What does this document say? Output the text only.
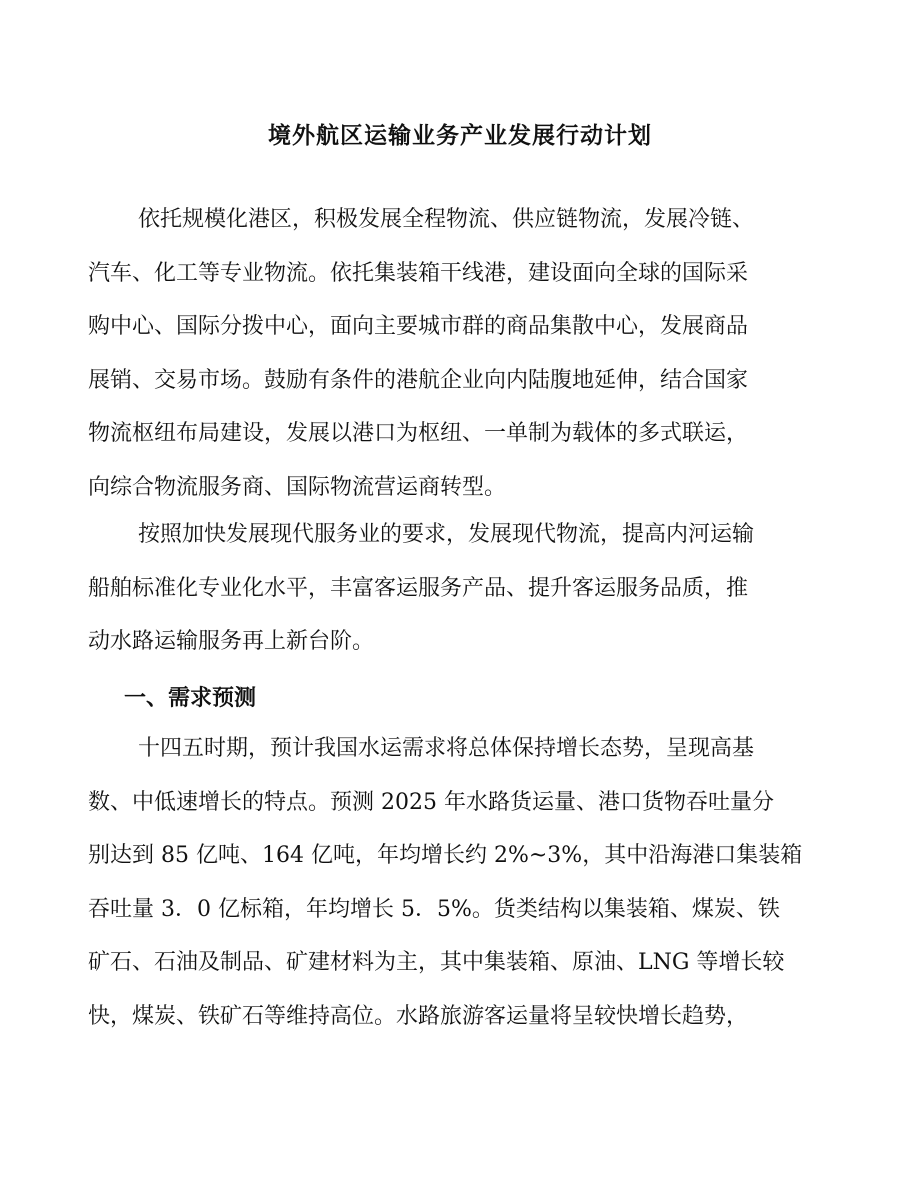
境外航区运输业务产业发展行动计划
依托规模化港区，积极发展全程物流、供应链物流，发展冷链、
汽车、化工等专业物流。依托集装箱干线港，建设面向全球的国际采
购中心、国际分拨中心，面向主要城市群的商品集散中心，发展商品
展销、交易市场。鼓励有条件的港航企业向内陆腹地延伸，结合国家
物流枢纽布局建设，发展以港口为枢纽、一单制为载体的多式联运，
向综合物流服务商、国际物流营运商转型。
按照加快发展现代服务业的要求，发展现代物流，提高内河运输
船舶标准化专业化水平，丰富客运服务产品、提升客运服务品质，推
动水路运输服务再上新台阶。
一、需求预测
十四五时期，预计我国水运需求将总体保持增长态势，呈现高基
数、中低速增长的特点。预测 2025 年水路货运量、港口货物吞吐量分
别达到 85 亿吨、164 亿吨，年均增长约 2%~3%，其中沿海港口集装箱
吞吐量 3．0 亿标箱，年均增长 5．5%。货类结构以集装箱、煤炭、铁
矿石、石油及制品、矿建材料为主，其中集装箱、原油、LNG 等增长较
快，煤炭、铁矿石等维持高位。水路旅游客运量将呈较快增长趋势，
